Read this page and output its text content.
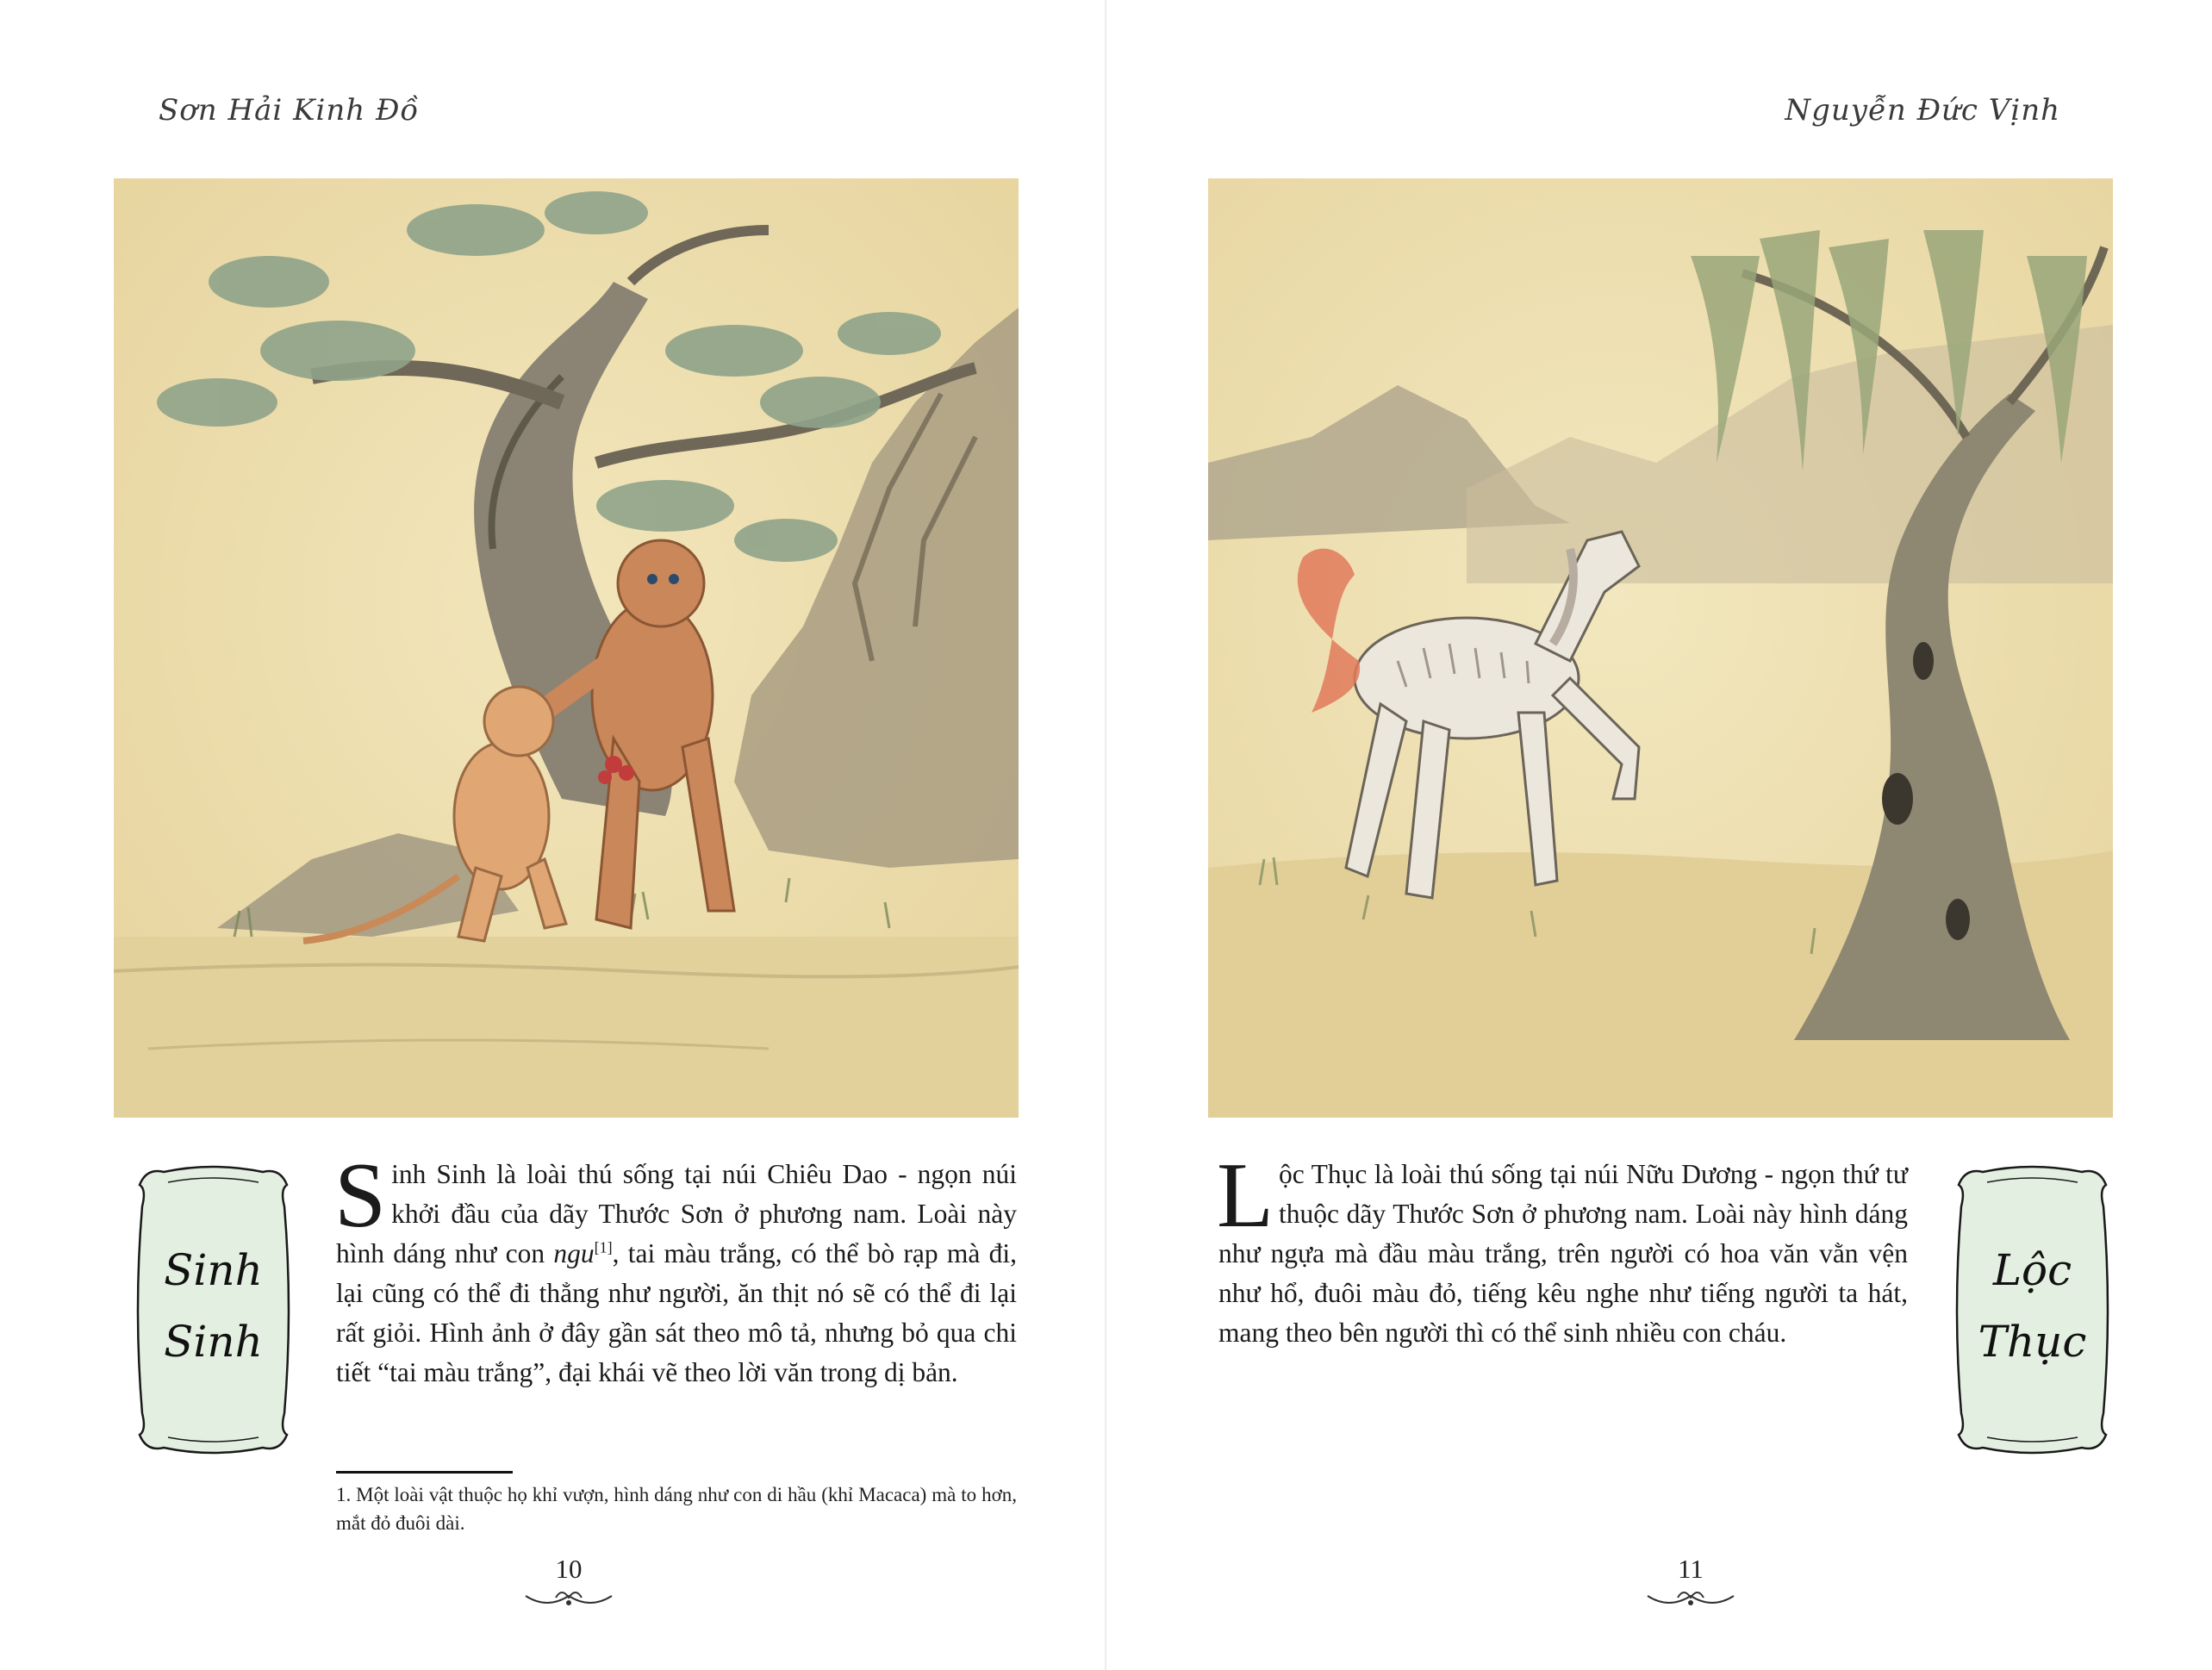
Sơn Hải Kinh Đồ
Sinh
Sinh
Sinh Sinh là loài thú sống tại núi Chiêu Dao - ngọn núi khởi đầu của dãy Thước Sơn ở phương nam. Loài này hình dáng như con ngu[1], tai màu trắng, có thể bò rạp mà đi, lại cũng có thể đi thẳng như người, ăn thịt nó sẽ có thể đi lại rất giỏi. Hình ảnh ở đây gần sát theo mô tả, nhưng bỏ qua chi tiết “tai màu trắng”, đại khái vẽ theo lời văn trong dị bản.
1. Một loài vật thuộc họ khỉ vượn, hình dáng như con di hầu (khỉ Macaca) mà to hơn, mắt đỏ đuôi dài.
10
Nguyễn Đức Vịnh
Lộc Thục là loài thú sống tại núi Nữu Dương - ngọn thứ tư thuộc dãy Thước Sơn ở phương nam. Loài này hình dáng như ngựa mà đầu màu trắng, trên người có hoa văn vằn vện như hổ, đuôi màu đỏ, tiếng kêu nghe như tiếng người ta hát, mang theo bên người thì có thể sinh nhiều con cháu.
Lộc
Thục
11
